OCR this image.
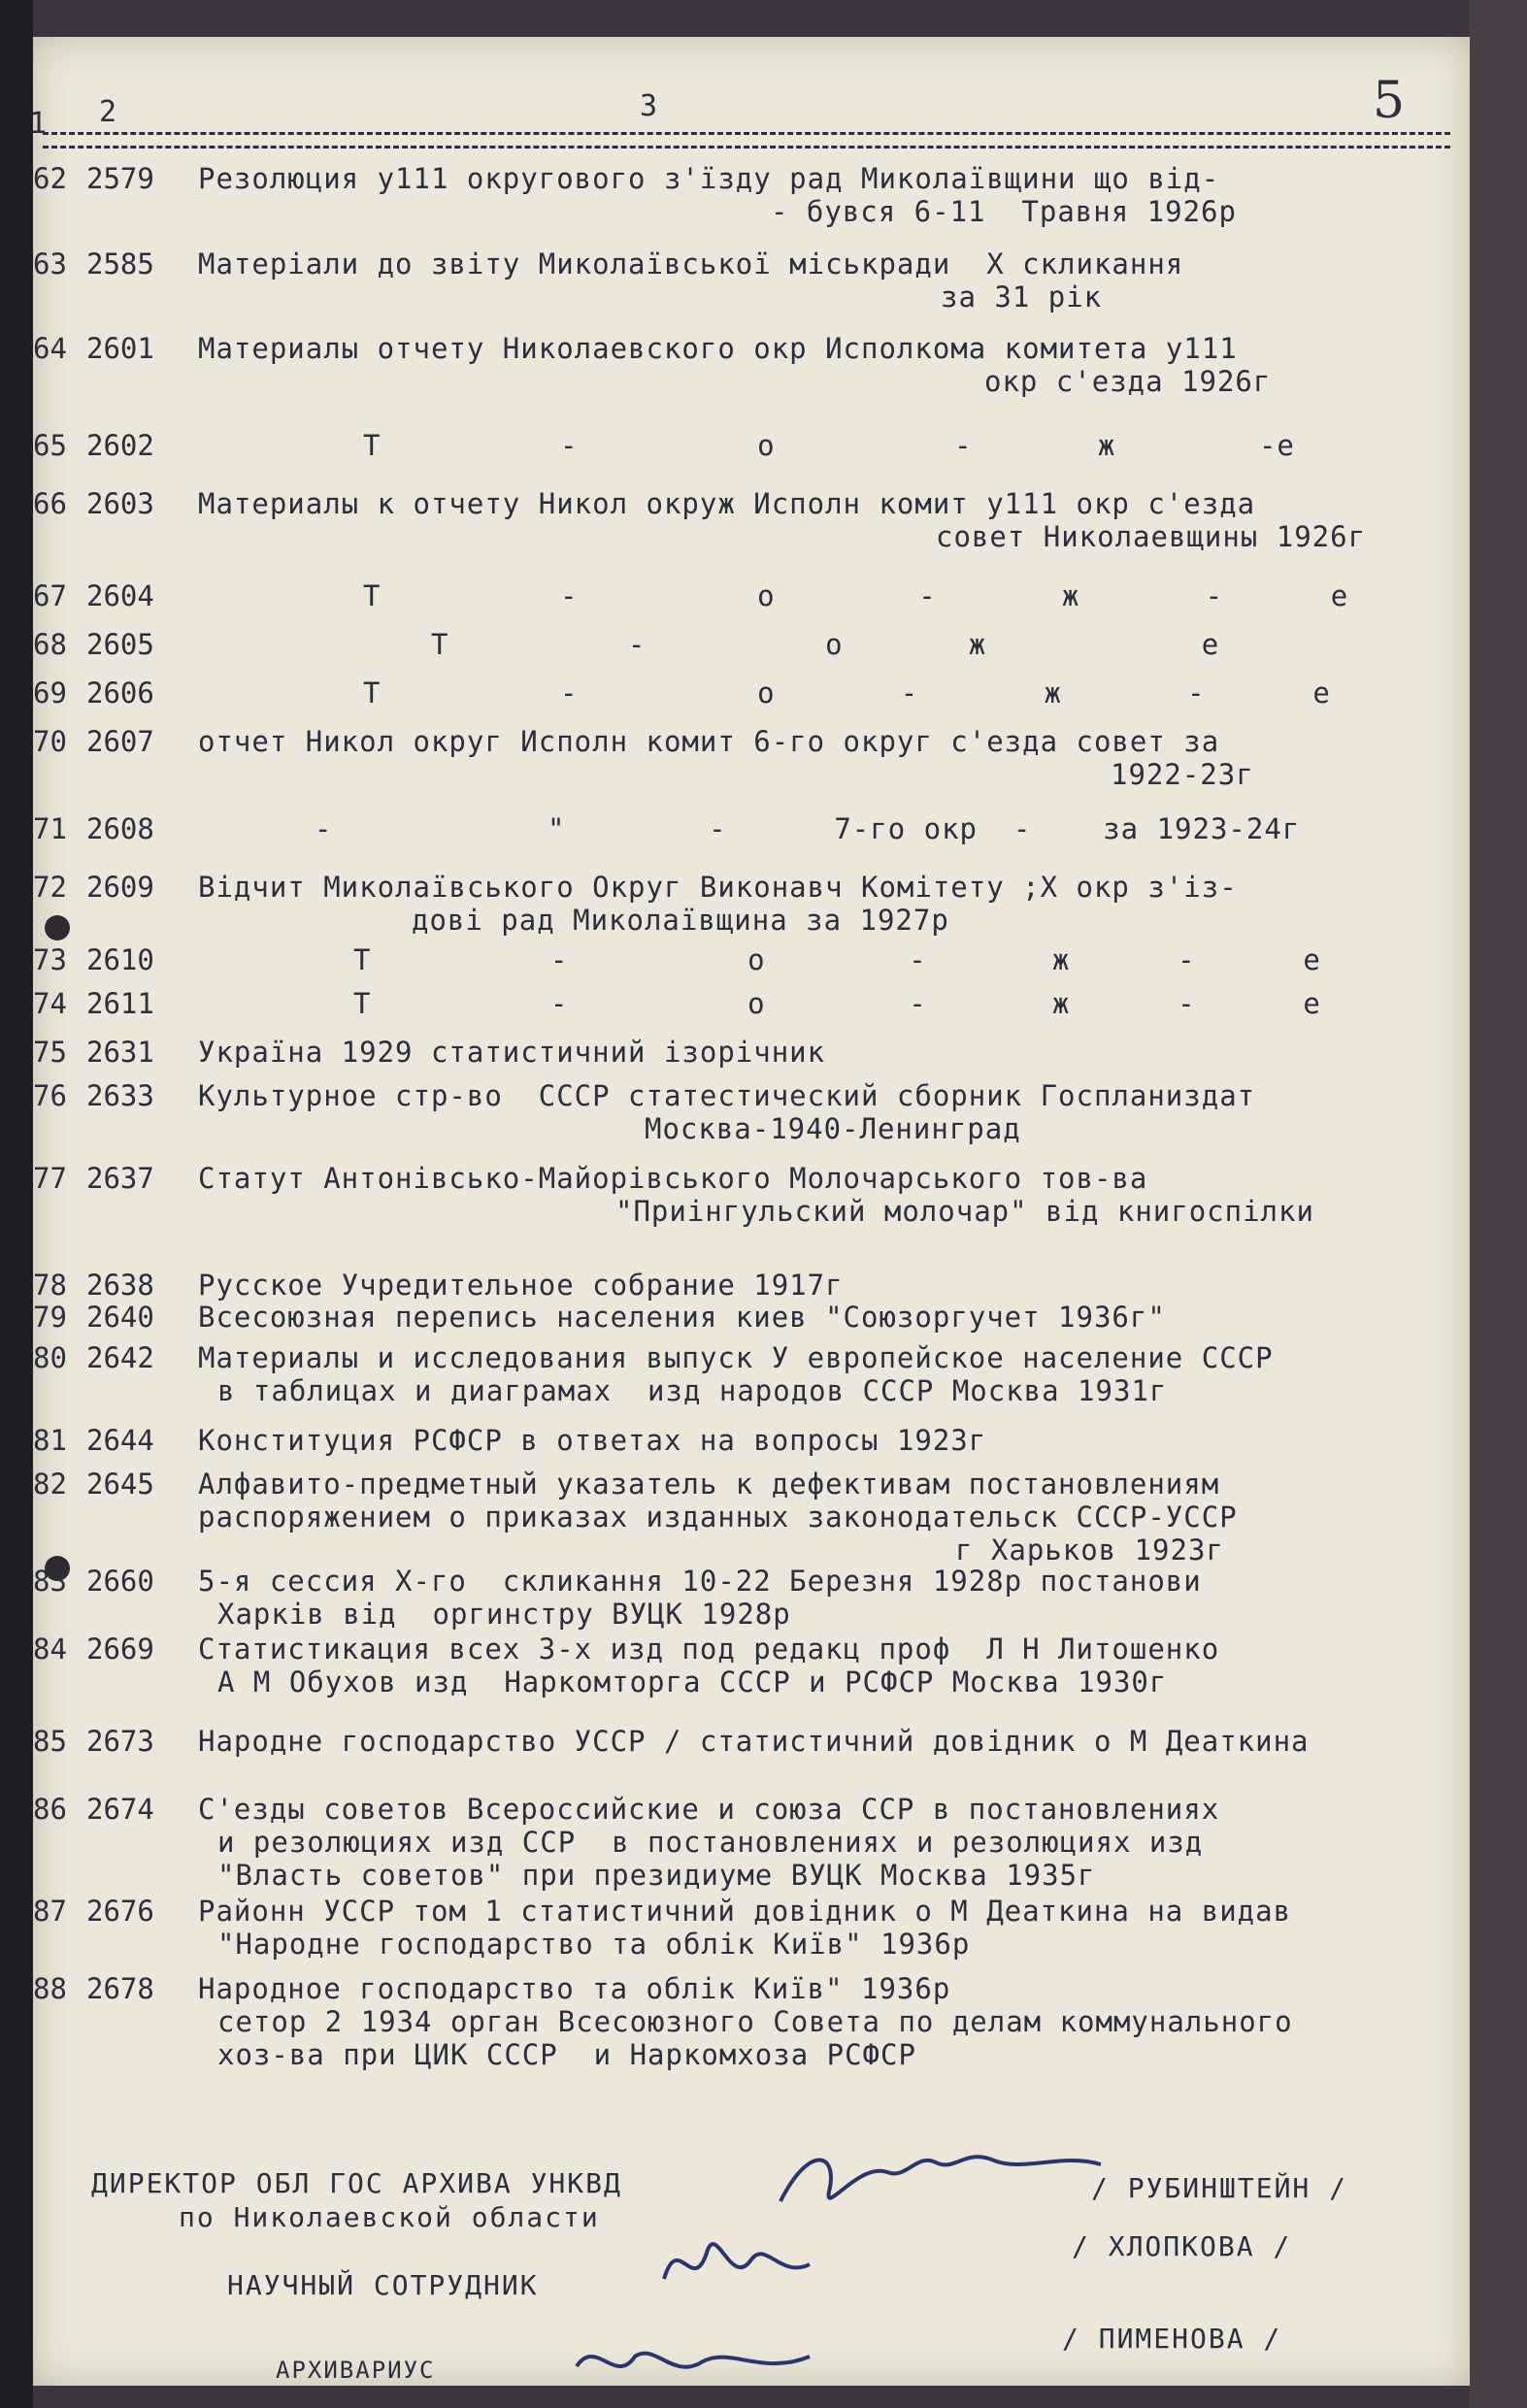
1 2	3	5
62 2579	Резолюция у111 округового з'їзду рад Миколаївщини що від-
- бувся 6-11  Травня 1926р
63 2585	Матеріали до звіту Миколаївської міськради  X скликання
за 31 рік
64 2601	Материалы отчету Николаевского окр Исполкома комитета у111
окр с'езда 1926г
65 2602	Т          -          о          -       ж        -е
66 2603	Материалы к отчету Никол окруж Исполн комит у111 окр с'езда
совет Николаевщины 1926г
67 2604	Т          -          о        -       ж       -      е
68 2605	Т          -          о       ж            е
69 2606	Т          -          о       -       ж       -      е
70 2607	отчет Никол округ Исполн комит 6-го округ с'езда совет за
1922-23г
71 2608	-            "        -      7-го окр  -    за 1923-24г
72 2609	Відчит Миколаївського Округ Виконавч Комітету ;X окр з'із-
дові рад Миколаївщина за 1927р
73 2610	Т          -          о        -       ж      -      е
74 2611	Т          -          о        -       ж      -      е
75 2631	Україна 1929 статистичний ізорічник
76 2633	Культурное стр-во  СССР статестический сборник Госпланиздат
Москва-1940-Ленинград
77 2637	Статут Антонівсько-Майорівського Молочарського тов-ва
"Приінгульский молочар" від книгоспілки
78 2638	Русское Учредительное собрание 1917г
79 2640	Всесоюзная перепись населения киев "Союзоргучет 1936г"
80 2642	Материалы и исследования выпуск У европейское население СССР
в таблицах и диаграмах  изд народов СССР Москва 1931г
81 2644	Конституция РСФСР в ответах на вопросы 1923г
82 2645	Алфавито-предметный указатель к дефективам постановлениям
распоряжением о приказах изданных законодательск СССР-УССР
г Харьков 1923г
83 2660	5-я сессия X-го  скликання 10-22 Березня 1928р постанови
Харків від  оргинстру ВУЦК 1928р
84 2669	Статистикация всех 3-х изд под редакц проф  Л Н Литошенко
А М Обухов изд  Наркомторга СССР и РСФСР Москва 1930г
85 2673	Народне господарство УССР / статистичний довідник о М Деаткина
86 2674	С'езды советов Всероссийские и союза ССР в постановлениях
и резолюциях изд ССР  в постановлениях и резолюциях изд
"Власть советов" при президиуме ВУЦК Москва 1935г
87 2676	Районн УССР том 1 статистичний довідник о М Деаткина на видав
"Народне господарство та облік Київ" 1936р
88 2678	Народное господарство та облік Київ" 1936р
сетор 2 1934 орган Всесоюзного Совета по делам коммунального
хоз-ва при ЦИК СССР  и Наркомхоза РСФСР
ДИРЕКТОР ОБЛ ГОС АРХИВА УНКВД
по Николаевской области
/ РУБИНШТЕЙН /
/ ХЛОПКОВА /
НАУЧНЫЙ СОТРУДНИК
АРХИВАРИУС
/ ПИМЕНОВА /
